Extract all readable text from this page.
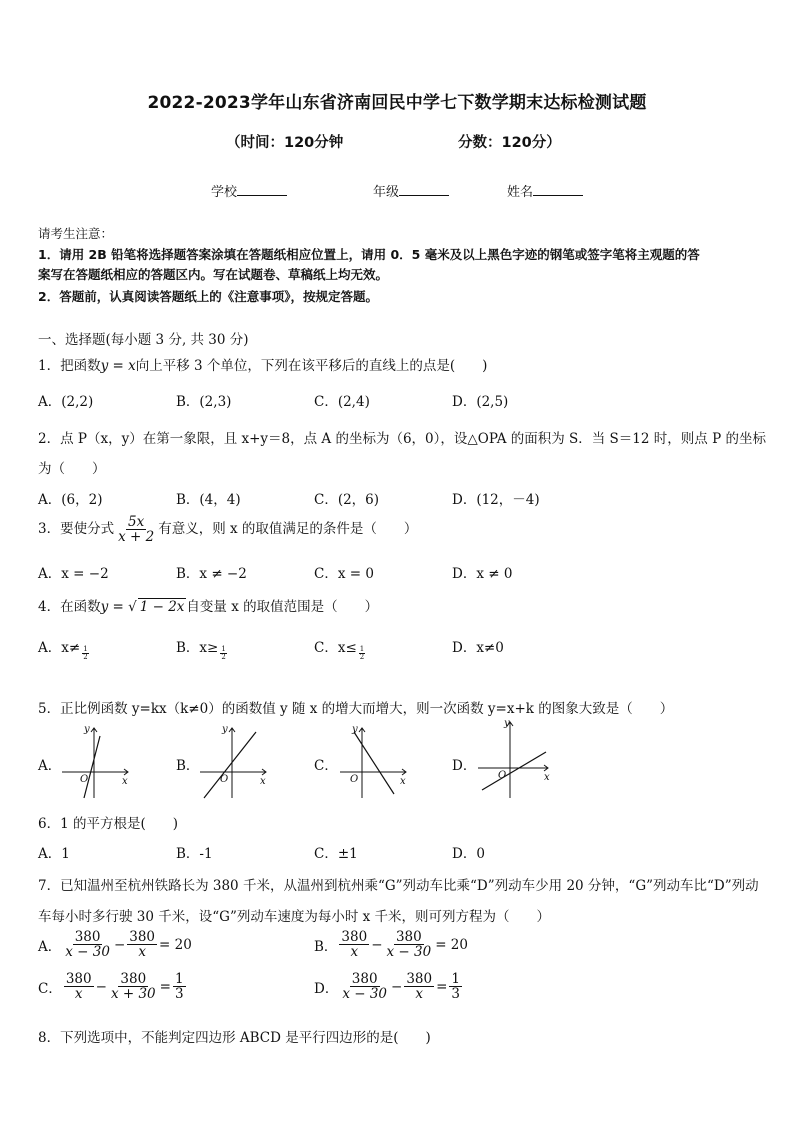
2022-2023学年山东省济南回民中学七下数学期末达标检测试题
（时间：120分钟	分数：120分）
学校	年级	姓名
请考生注意：
1．请用 2B 铅笔将选择题答案涂填在答题纸相应位置上，请用 0．5 毫米及以上黑色字迹的钢笔或签字笔将主观题的答
案写在答题纸相应的答题区内。写在试题卷、草稿纸上均无效。
2．答题前，认真阅读答题纸上的《注意事项》，按规定答题。
一、选择题(每小题 3 分, 共 30 分)
1．把函数y = x向上平移 3 个单位，下列在该平移后的直线上的点是(　　)
A．(2,2)	B．(2,3)	C．(2,4)	D．(2,5)
2．点 P（x，y）在第一象限，且 x+y＝8，点 A 的坐标为（6，0），设△OPA 的面积为 S．当 S＝12 时，则点 P 的坐标
为（　　）
A．(6，2)	B．(4，4)	C．(2，6)	D．(12，－4)
3．要使分式 $\frac{5x}{x + 2}$ 有意义，则 x 的取值满足的条件是（　　）
A．x = −2	B．x ≠ −2	C．x = 0	D．x ≠ 0
4．在函数y = √ 1 − 2x 自变量 x 的取值范围是（　　）
A．$x\ne \frac{1}{2}$	B．$x\ge \frac{1}{2}$	C．$x\le \frac{1}{2}$	D．x≠0
5．正比例函数 y=kx（k≠0）的函数值 y 随 x 的增大而增大，则一次函数 y=x+k 的图象大致是（　　）
A．	B．	C．	D．
y
x
O
y
x
O
y
x
O
y
x
O
6．1 的平方根是(　　)
A．1	B．-1	C．±1	D．0
7．已知温州至杭州铁路长为 380 千米，从温州到杭州乘“G”列动车比乘“D”列动车少用 20 分钟，“G”列动车比“D”列动
车每小时多行驶 30 千米，设“G”列动车速度为每小时 x 千米，则可列方程为（　　）
A． $\frac{380}{x - 30} - \frac{380}{x} = 20$	B． $\frac{380}{x} - \frac{380}{x - 30} = 20$
C． $\frac{380}{x} - \frac{380}{x + 30} = \frac{1}{3}$	D． $\frac{380}{x - 30} - \frac{380}{x} = \frac{1}{3}$
8．下列选项中，不能判定四边形 ABCD 是平行四边形的是(　　)
